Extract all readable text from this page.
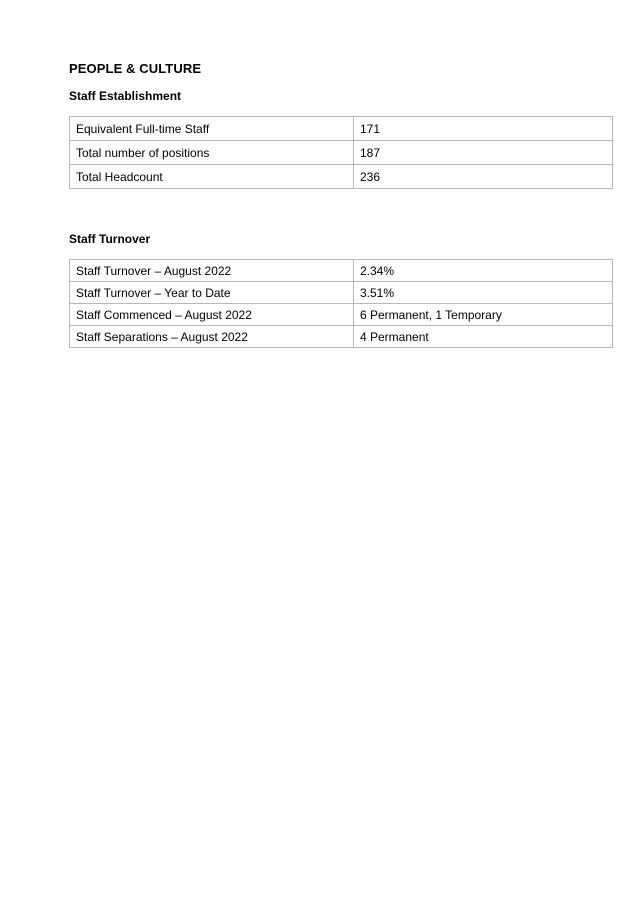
PEOPLE & CULTURE
Staff Establishment
Equivalent Full-time Staff	171
Total number of positions	187
Total Headcount	236
Staff Turnover
Staff Turnover – August 2022	2.34%
Staff Turnover – Year to Date	3.51%
Staff Commenced – August 2022	6 Permanent, 1 Temporary
Staff Separations – August 2022	4 Permanent
